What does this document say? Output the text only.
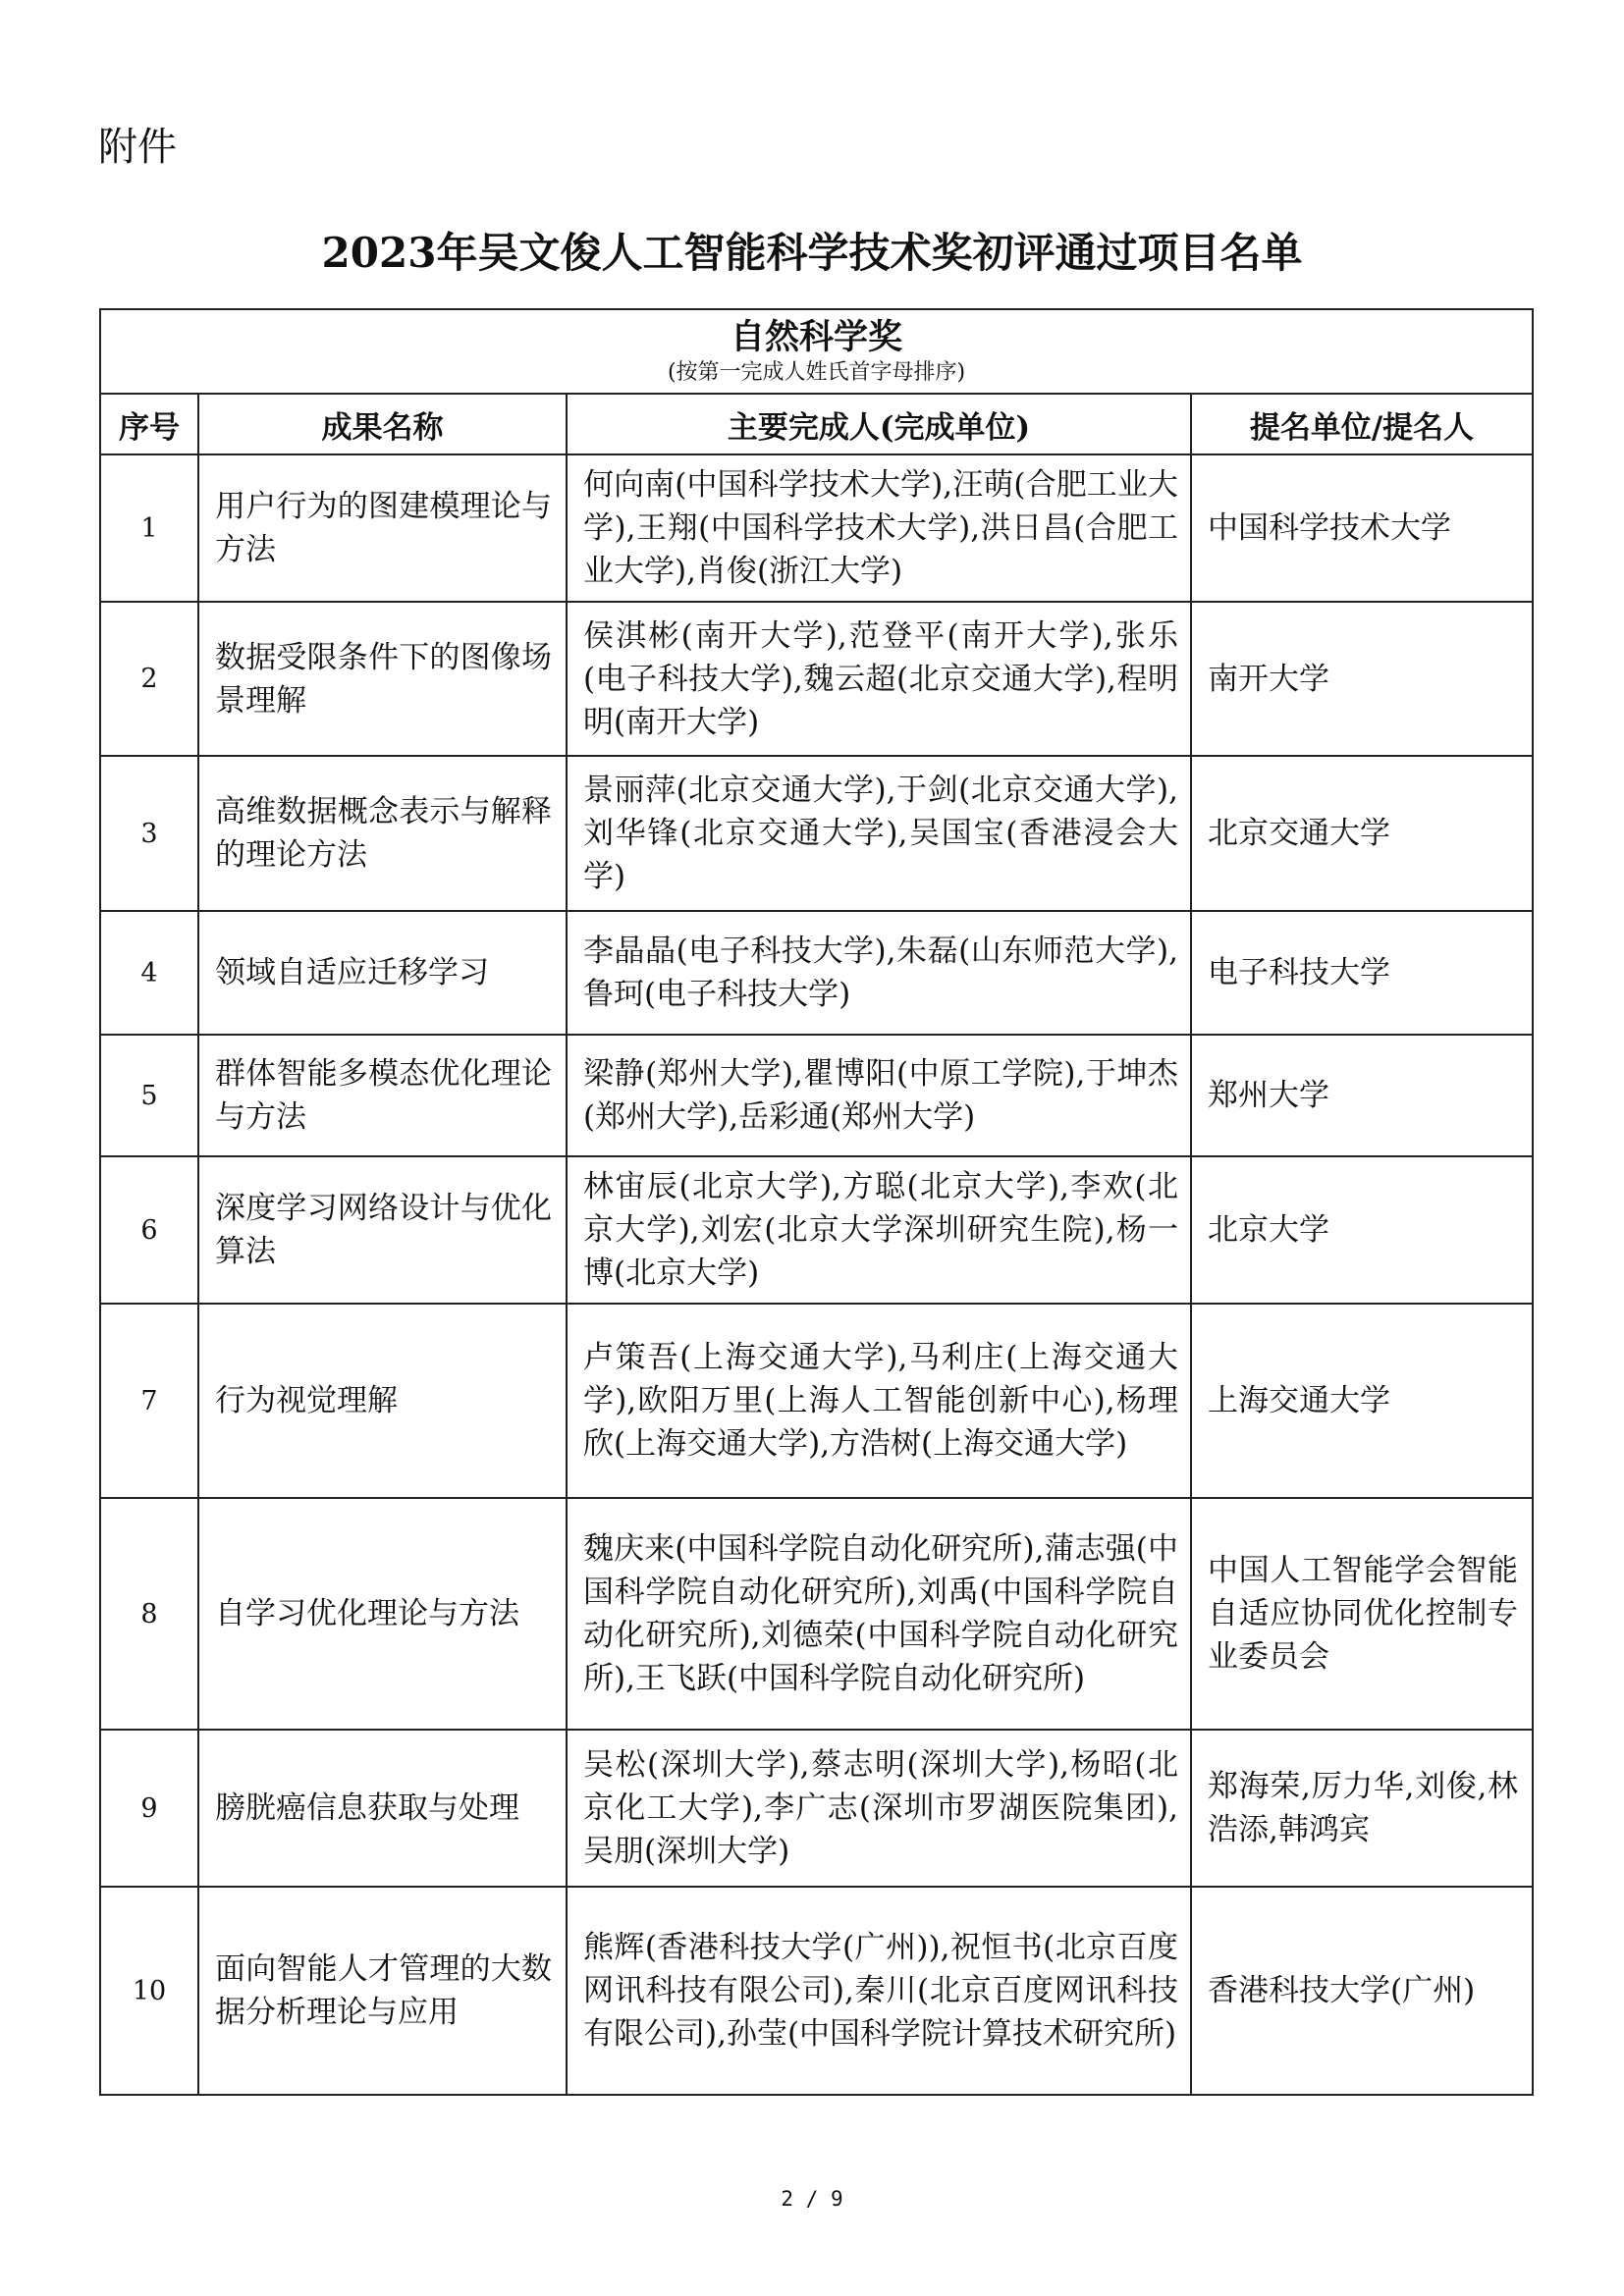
附件
2023年吴文俊人工智能科学技术奖初评通过项目名单
自然科学奖
(按第一完成人姓氏首字母排序)			

序号	成果名称	主要完成人(完成单位)	提名单位/提名人
1	用户行为的图建模理论与方法	何向南(中国科学技术大学),汪萌(合肥工业大学),王翔(中国科学技术大学),洪日昌(合肥工业大学),肖俊(浙江大学)	中国科学技术大学
2	数据受限条件下的图像场景理解	侯淇彬(南开大学),范登平(南开大学),张乐(电子科技大学),魏云超(北京交通大学),程明明(南开大学)	南开大学
3	高维数据概念表示与解释的理论方法	景丽萍(北京交通大学),于剑(北京交通大学),刘华锋(北京交通大学),吴国宝(香港浸会大学)	北京交通大学
4	领域自适应迁移学习	李晶晶(电子科技大学),朱磊(山东师范大学),鲁珂(电子科技大学)	电子科技大学
5	群体智能多模态优化理论与方法	梁静(郑州大学),瞿博阳(中原工学院),于坤杰(郑州大学),岳彩通(郑州大学)	郑州大学
6	深度学习网络设计与优化算法	林宙辰(北京大学),方聪(北京大学),李欢(北京大学),刘宏(北京大学深圳研究生院),杨一博(北京大学)	北京大学
7	行为视觉理解	卢策吾(上海交通大学),马利庄(上海交通大学),欧阳万里(上海人工智能创新中心),杨理欣(上海交通大学),方浩树(上海交通大学)	上海交通大学
8	自学习优化理论与方法	魏庆来(中国科学院自动化研究所),蒲志强(中国科学院自动化研究所),刘禹(中国科学院自动化研究所),刘德荣(中国科学院自动化研究所),王飞跃(中国科学院自动化研究所)	中国人工智能学会智能自适应协同优化控制专业委员会
9	膀胱癌信息获取与处理	吴松(深圳大学),蔡志明(深圳大学),杨昭(北京化工大学),李广志(深圳市罗湖医院集团),吴朋(深圳大学)	郑海荣,厉力华,刘俊,林浩添,韩鸿宾
10	面向智能人才管理的大数据分析理论与应用	熊辉(香港科技大学(广州)),祝恒书(北京百度网讯科技有限公司),秦川(北京百度网讯科技有限公司),孙莹(中国科学院计算技术研究所)	香港科技大学(广州)
2 / 9
